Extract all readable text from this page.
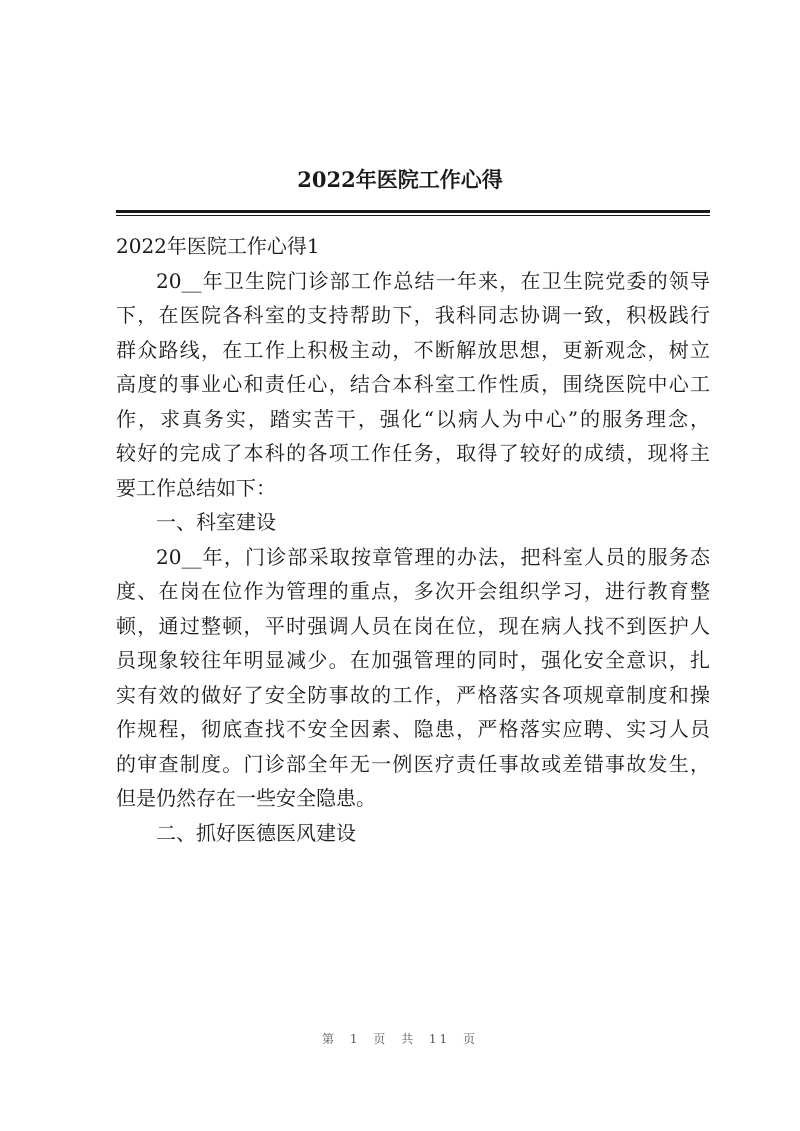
2022年医院工作心得
2022年医院工作心得1
20__年卫生院门诊部工作总结一年来，在卫生院党委的领导
下，在医院各科室的支持帮助下，我科同志协调一致，积极践行
群众路线，在工作上积极主动，不断解放思想，更新观念，树立
高度的事业心和责任心，结合本科室工作性质，围绕医院中心工
作，求真务实，踏实苦干，强化“以病人为中心”的服务理念，
较好的完成了本科的各项工作任务，取得了较好的成绩，现将主
要工作总结如下：
一、科室建设
20__年，门诊部采取按章管理的办法，把科室人员的服务态
度、在岗在位作为管理的重点，多次开会组织学习，进行教育整
顿，通过整顿，平时强调人员在岗在位，现在病人找不到医护人
员现象较往年明显减少。在加强管理的同时，强化安全意识，扎
实有效的做好了安全防事故的工作，严格落实各项规章制度和操
作规程，彻底查找不安全因素、隐患，严格落实应聘、实习人员
的审查制度。门诊部全年无一例医疗责任事故或差错事故发生，
但是仍然存在一些安全隐患。
二、抓好医德医风建设
第 1 页 共 11 页
